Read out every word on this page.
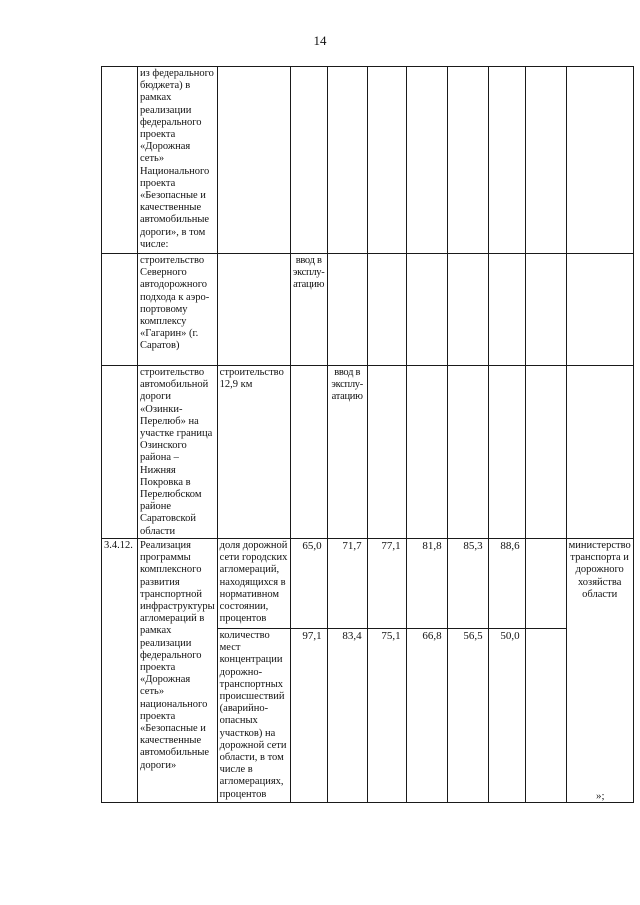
14
	из федерального бюджета) в рамках реализации федерального проекта «Дорожная сеть» Национального проекта «Безопасные и качественные автомобильные дороги», в том числе:									
	строительство Северного автодорожного подхода к аэро-портовому комплексу «Гагарин» (г. Саратов)		ввод в эксплу-атацию							
	строительство автомобильной дороги «Озинки-Перелюб» на участке граница Озинского района – Нижняя Покровка в Перелюбском районе Саратовской области	строительство 12,9 км		ввод в эксплу-атацию						
3.4.12.	Реализация программы комплексного развития транспортной инфраструктуры агломераций в рамках реализации федерального проекта «Дорожная сеть» национального проекта «Безопасные и качественные автомобильные дороги»	доля дорожной сети городских агломераций, находящихся в нормативном состоянии, процентов	65,0	71,7	77,1	81,8	85,3	88,6		министерство транспорта и дорожного хозяйства области
		количество мест концентрации дорожно-транспортных происшествий (аварийно-опасных участков) на дорожной сети области, в том числе в агломерациях, процентов	97,1	83,4	75,1	66,8	56,5	50,0		
»;
